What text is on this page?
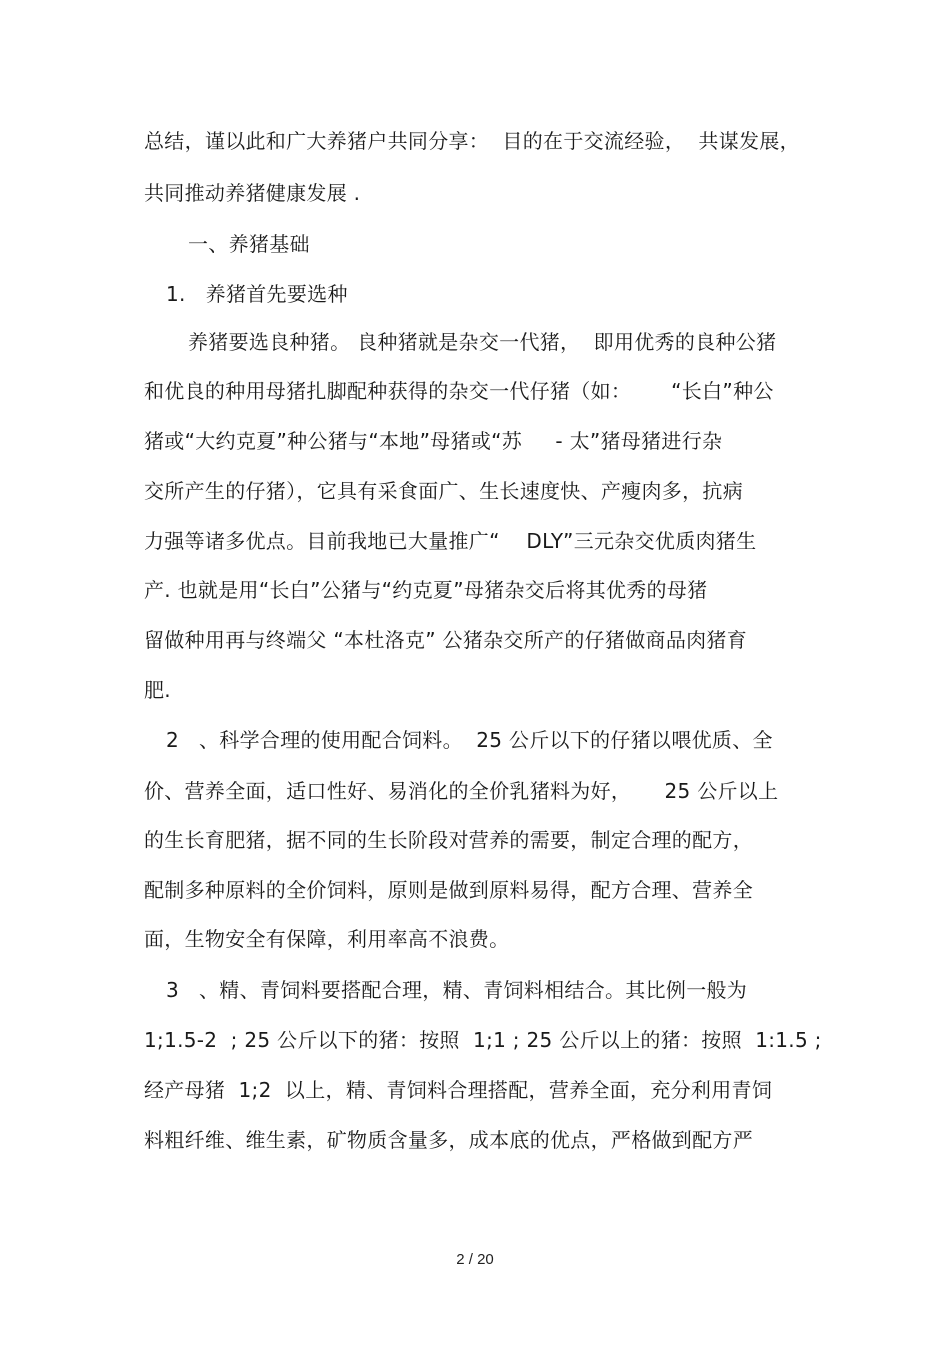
总结，谨以此和广大养猪户共同分享：  目的在于交流经验，  共谋发展，
共同推动养猪健康发展 .
一、养猪基础
1.   养猪首先要选种
养猪要选良种猪。 良种猪就是杂交一代猪，  即用优秀的良种公猪
和优良的种用母猪扎脚配种获得的杂交一代仔猪（如：      “长白”种公
猪或“大约克夏”种公猪与“本地”母猪或“苏     - 太”猪母猪进行杂
交所产生的仔猪），它具有采食面广、生长速度快、产瘦肉多，抗病
力强等诸多优点。目前我地已大量推广“    DLY”三元杂交优质肉猪生
产. 也就是用“长白”公猪与“约克夏”母猪杂交后将其优秀的母猪
留做种用再与终端父 “本杜洛克” 公猪杂交所产的仔猪做商品肉猪育
肥.
2   、科学合理的使用配合饲料。  25 公斤以下的仔猪以喂优质、全
价、营养全面，适口性好、易消化的全价乳猪料为好，     25 公斤以上
的生长育肥猪，据不同的生长阶段对营养的需要，制定合理的配方，
配制多种原料的全价饲料，原则是做到原料易得，配方合理、营养全
面，生物安全有保障，利用率高不浪费。
3   、精、青饲料要搭配合理，精、青饲料相结合。其比例一般为
1;1.5-2  ; 25 公斤以下的猪：按照  1;1 ; 25 公斤以上的猪：按照  1:1.5 ;
经产母猪  1;2  以上，精、青饲料合理搭配，营养全面，充分利用青饲
料粗纤维、维生素，矿物质含量多，成本底的优点，严格做到配方严
2 / 20
